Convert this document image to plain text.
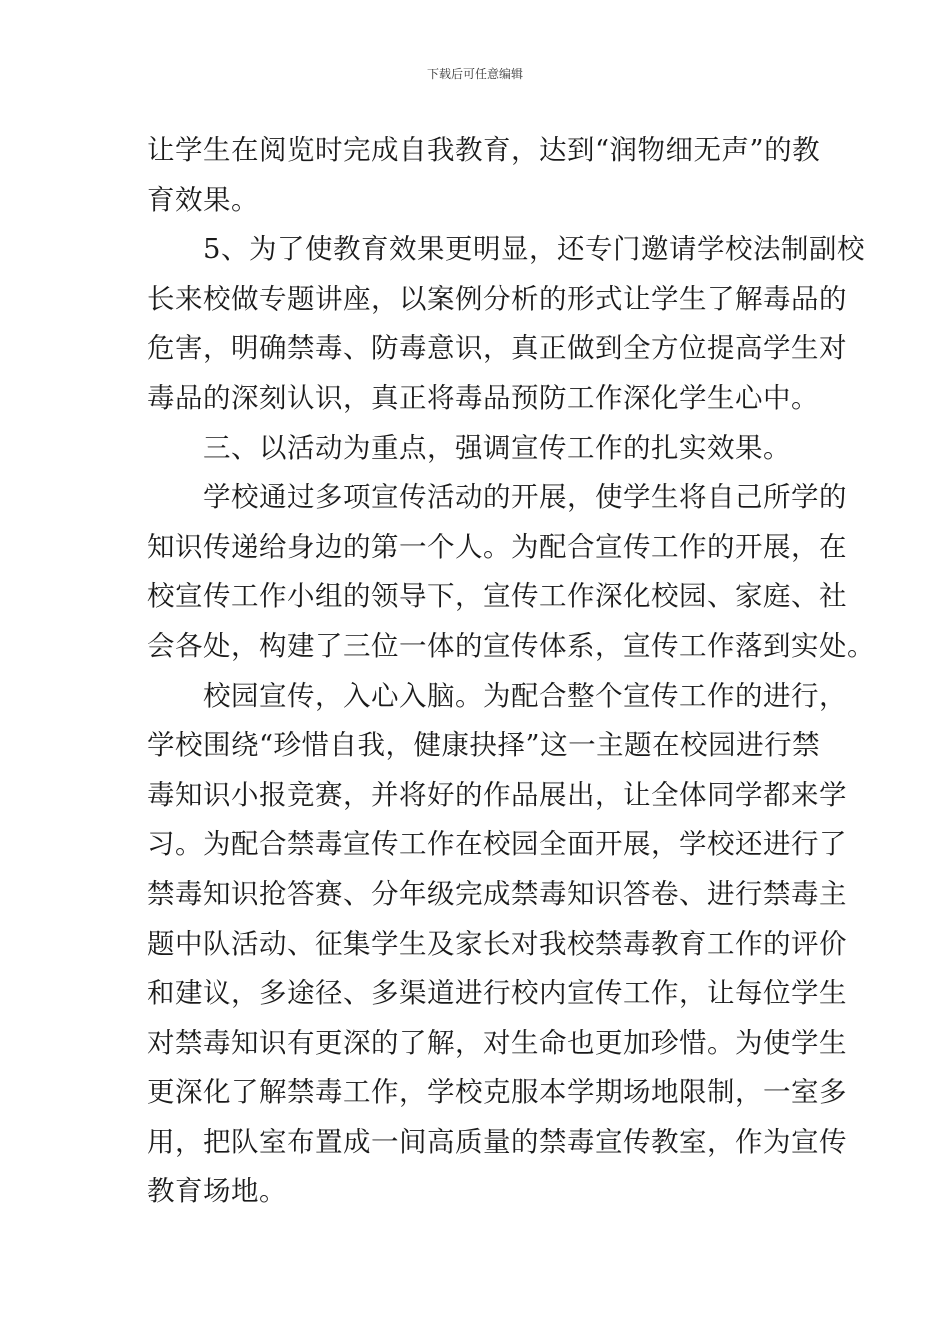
下载后可任意编辑
让学生在阅览时完成自我教育，达到“润物细无声”的教
育效果。
5、为了使教育效果更明显，还专门邀请学校法制副校
长来校做专题讲座，以案例分析的形式让学生了解毒品的
危害，明确禁毒、防毒意识，真正做到全方位提高学生对
毒品的深刻认识，真正将毒品预防工作深化学生心中。
三、以活动为重点，强调宣传工作的扎实效果。
学校通过多项宣传活动的开展，使学生将自己所学的
知识传递给身边的第一个人。为配合宣传工作的开展，在
校宣传工作小组的领导下，宣传工作深化校园、家庭、社
会各处，构建了三位一体的宣传体系，宣传工作落到实处。
校园宣传，入心入脑。为配合整个宣传工作的进行，
学校围绕“珍惜自我，健康抉择”这一主题在校园进行禁
毒知识小报竞赛，并将好的作品展出，让全体同学都来学
习。为配合禁毒宣传工作在校园全面开展，学校还进行了
禁毒知识抢答赛、分年级完成禁毒知识答卷、进行禁毒主
题中队活动、征集学生及家长对我校禁毒教育工作的评价
和建议，多途径、多渠道进行校内宣传工作，让每位学生
对禁毒知识有更深的了解，对生命也更加珍惜。为使学生
更深化了解禁毒工作，学校克服本学期场地限制，一室多
用，把队室布置成一间高质量的禁毒宣传教室，作为宣传
教育场地。
